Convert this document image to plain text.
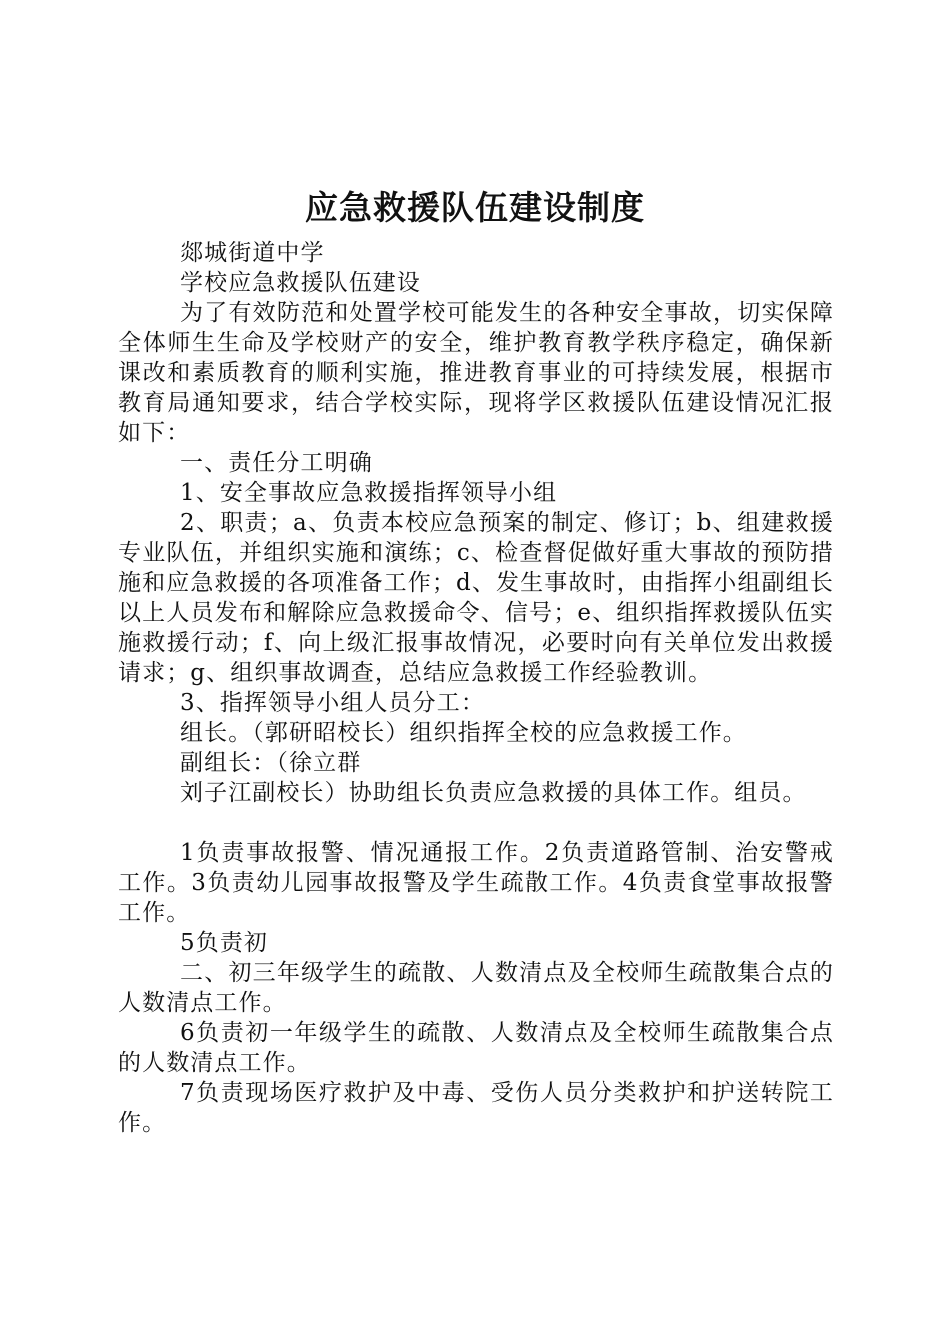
应急救援队伍建设制度

郯城街道中学

学校应急救援队伍建设

为了有效防范和处置学校可能发生的各种安全事故，切实保障全体师生生命及学校财产的安全，维护教育教学秩序稳定，确保新课改和素质教育的顺利实施，推进教育事业的可持续发展，根据市教育局通知要求，结合学校实际，现将学区救援队伍建设情况汇报如下：

一、责任分工明确

1、安全事故应急救援指挥领导小组

2、职责；a、负责本校应急预案的制定、修订；b、组建救援专业队伍，并组织实施和演练；c、检查督促做好重大事故的预防措施和应急救援的各项准备工作；d、发生事故时，由指挥小组副组长以上人员发布和解除应急救援命令、信号；e、组织指挥救援队伍实施救援行动；f、向上级汇报事故情况，必要时向有关单位发出救援请求；g、组织事故调查，总结应急救援工作经验教训。

3、指挥领导小组人员分工：

组长。（郭研昭校长）组织指挥全校的应急救援工作。

副组长：（徐立群

刘子江副校长）协助组长负责应急救援的具体工作。组员。

1负责事故报警、情况通报工作。2负责道路管制、治安警戒工作。3负责幼儿园事故报警及学生疏散工作。4负责食堂事故报警工作。

5负责初

二、初三年级学生的疏散、人数清点及全校师生疏散集合点的人数清点工作。

6负责初一年级学生的疏散、人数清点及全校师生疏散集合点的人数清点工作。

7负责现场医疗救护及中毒、受伤人员分类救护和护送转院工作。
